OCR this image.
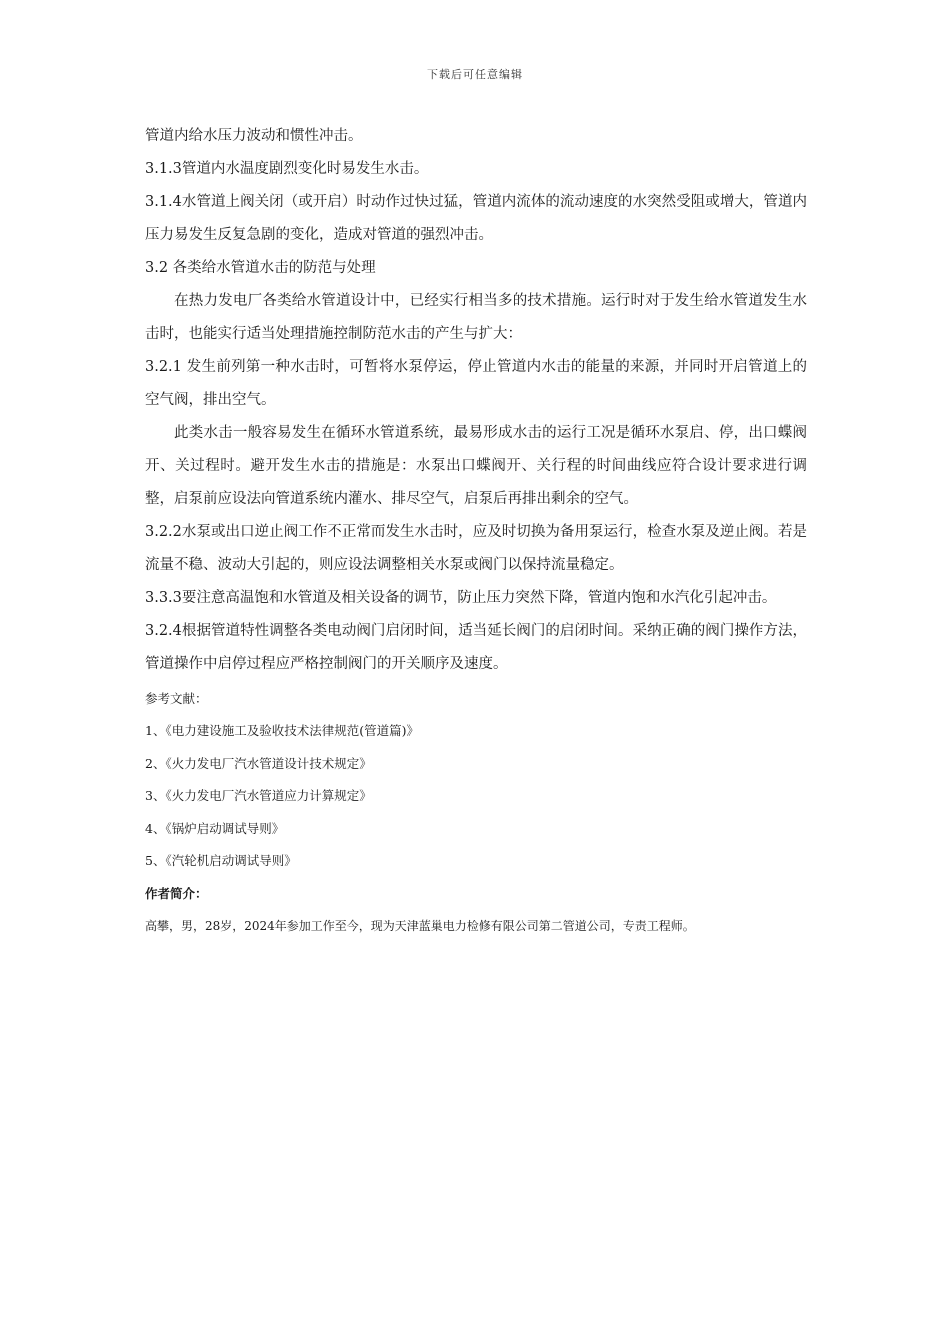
下载后可任意编辑

管道内给水压力波动和惯性冲击。

3.1.3管道内水温度剧烈变化时易发生水击。

3.1.4水管道上阀关闭（或开启）时动作过快过猛，管道内流体的流动速度的水突然受阻或增大，管道内压力易发生反复急剧的变化，造成对管道的强烈冲击。

3.2 各类给水管道水击的防范与处理

在热力发电厂各类给水管道设计中，已经实行相当多的技术措施。运行时对于发生给水管道发生水击时，也能实行适当处理措施控制防范水击的产生与扩大：

3.2.1 发生前列第一种水击时，可暂将水泵停运，停止管道内水击的能量的来源，并同时开启管道上的空气阀，排出空气。

此类水击一般容易发生在循环水管道系统，最易形成水击的运行工况是循环水泵启、停，出口蝶阀开、关过程时。避开发生水击的措施是：水泵出口蝶阀开、关行程的时间曲线应符合设计要求进行调整，启泵前应设法向管道系统内灌水、排尽空气，启泵后再排出剩余的空气。

3.2.2水泵或出口逆止阀工作不正常而发生水击时，应及时切换为备用泵运行，检查水泵及逆止阀。若是流量不稳、波动大引起的，则应设法调整相关水泵或阀门以保持流量稳定。

3.3.3要注意高温饱和水管道及相关设备的调节，防止压力突然下降，管道内饱和水汽化引起冲击。

3.2.4根据管道特性调整各类电动阀门启闭时间，适当延长阀门的启闭时间。采纳正确的阀门操作方法，管道操作中启停过程应严格控制阀门的开关顺序及速度。

参考文献：

1、《电力建设施工及验收技术法律规范(管道篇)》

2、《火力发电厂汽水管道设计技术规定》

3、《火力发电厂汽水管道应力计算规定》

4、《锅炉启动调试导则》

5、《汽轮机启动调试导则》

作者简介：

高攀，男，28岁，2024年参加工作至今，现为天津蓝巢电力检修有限公司第二管道公司，专责工程师。
